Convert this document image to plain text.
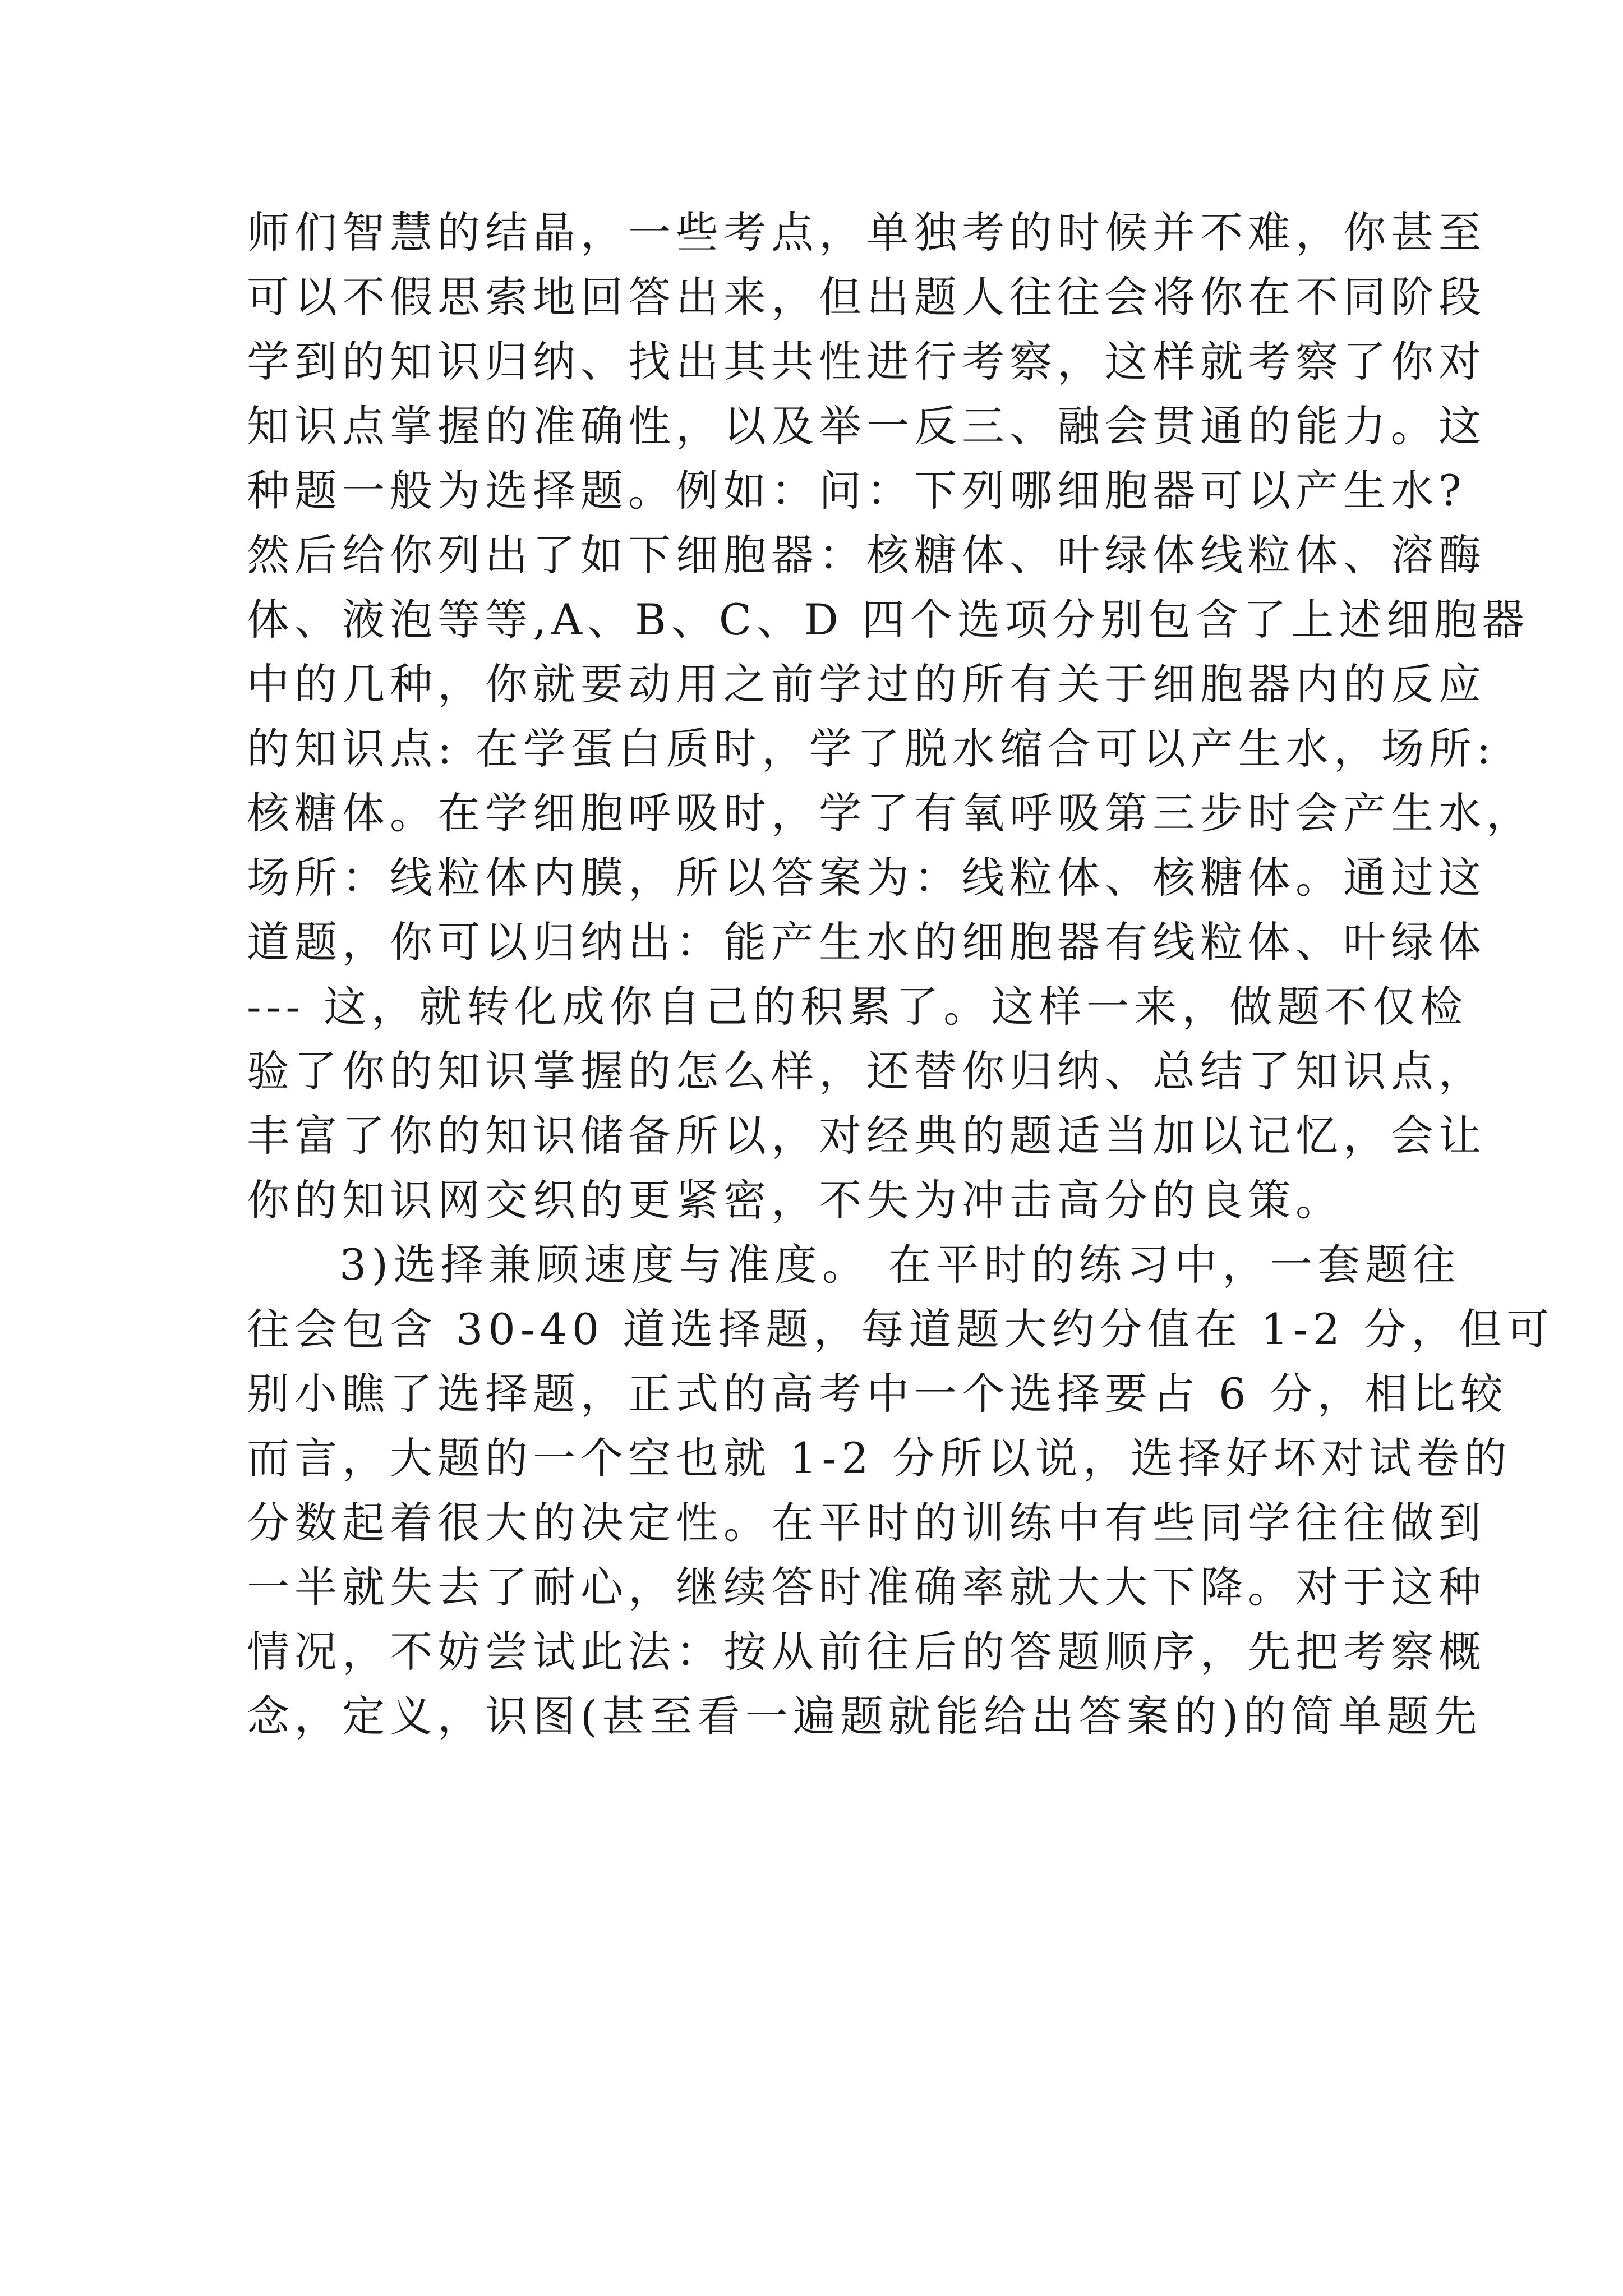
师们智慧的结晶，一些考点，单独考的时候并不难，你甚至
可以不假思索地回答出来，但出题人往往会将你在不同阶段
学到的知识归纳、找出其共性进行考察，这样就考察了你对
知识点掌握的准确性，以及举一反三、融会贯通的能力。这
种题一般为选择题。例如：问：下列哪细胞器可以产生水?
然后给你列出了如下细胞器：核糖体、叶绿体线粒体、溶酶
体、液泡等等,A、B、C、D 四个选项分别包含了上述细胞器
中的几种，你就要动用之前学过的所有关于细胞器内的反应
的知识点: 在学蛋白质时，学了脱水缩合可以产生水，场所:
核糖体。在学细胞呼吸时，学了有氧呼吸第三步时会产生水，
场所：线粒体内膜，所以答案为：线粒体、核糖体。通过这
道题，你可以归纳出：能产生水的细胞器有线粒体、叶绿体
--- 这，就转化成你自己的积累了。这样一来，做题不仅检
验了你的知识掌握的怎么样，还替你归纳、总结了知识点，
丰富了你的知识储备所以，对经典的题适当加以记忆，会让
你的知识网交织的更紧密，不失为冲击高分的良策。
3)选择兼顾速度与准度。 在平时的练习中，一套题往
往会包含 30-40 道选择题，每道题大约分值在 1-2 分，但可
别小瞧了选择题，正式的高考中一个选择要占 6 分，相比较
而言，大题的一个空也就 1-2 分所以说，选择好坏对试卷的
分数起着很大的决定性。在平时的训练中有些同学往往做到
一半就失去了耐心，继续答时准确率就大大下降。对于这种
情况，不妨尝试此法：按从前往后的答题顺序，先把考察概
念，定义，识图(甚至看一遍题就能给出答案的)的简单题先
